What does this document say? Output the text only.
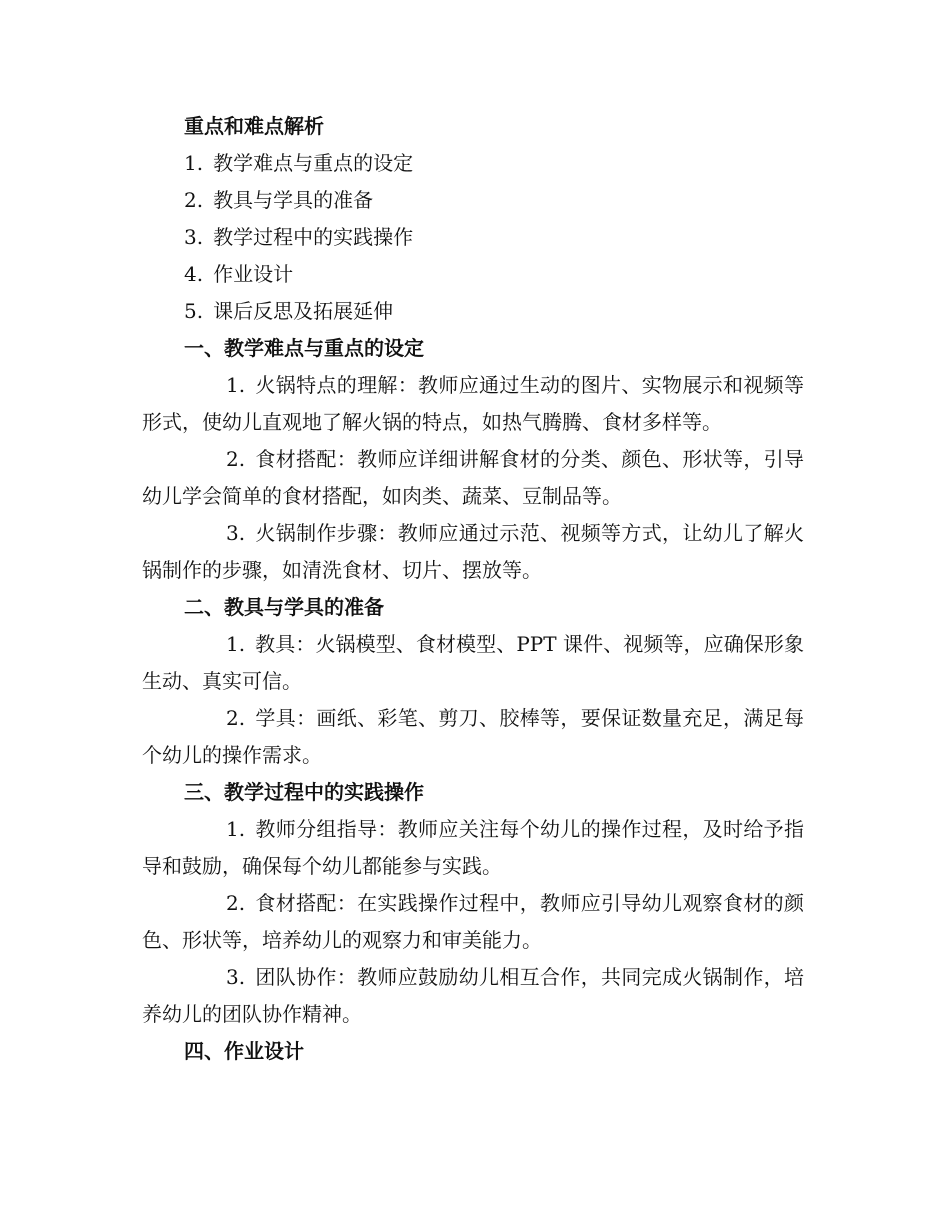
重点和难点解析

1. 教学难点与重点的设定

2. 教具与学具的准备

3. 教学过程中的实践操作

4. 作业设计

5. 课后反思及拓展延伸

一、教学难点与重点的设定

1. 火锅特点的理解：教师应通过生动的图片、实物展示和视频等形式，使幼儿直观地了解火锅的特点，如热气腾腾、食材多样等。

2. 食材搭配：教师应详细讲解食材的分类、颜色、形状等，引导幼儿学会简单的食材搭配，如肉类、蔬菜、豆制品等。

3. 火锅制作步骤：教师应通过示范、视频等方式，让幼儿了解火锅制作的步骤，如清洗食材、切片、摆放等。

二、教具与学具的准备

1. 教具：火锅模型、食材模型、PPT 课件、视频等，应确保形象生动、真实可信。

2. 学具：画纸、彩笔、剪刀、胶棒等，要保证数量充足，满足每个幼儿的操作需求。

三、教学过程中的实践操作

1. 教师分组指导：教师应关注每个幼儿的操作过程，及时给予指导和鼓励，确保每个幼儿都能参与实践。

2. 食材搭配：在实践操作过程中，教师应引导幼儿观察食材的颜色、形状等，培养幼儿的观察力和审美能力。

3. 团队协作：教师应鼓励幼儿相互合作，共同完成火锅制作，培养幼儿的团队协作精神。

四、作业设计
